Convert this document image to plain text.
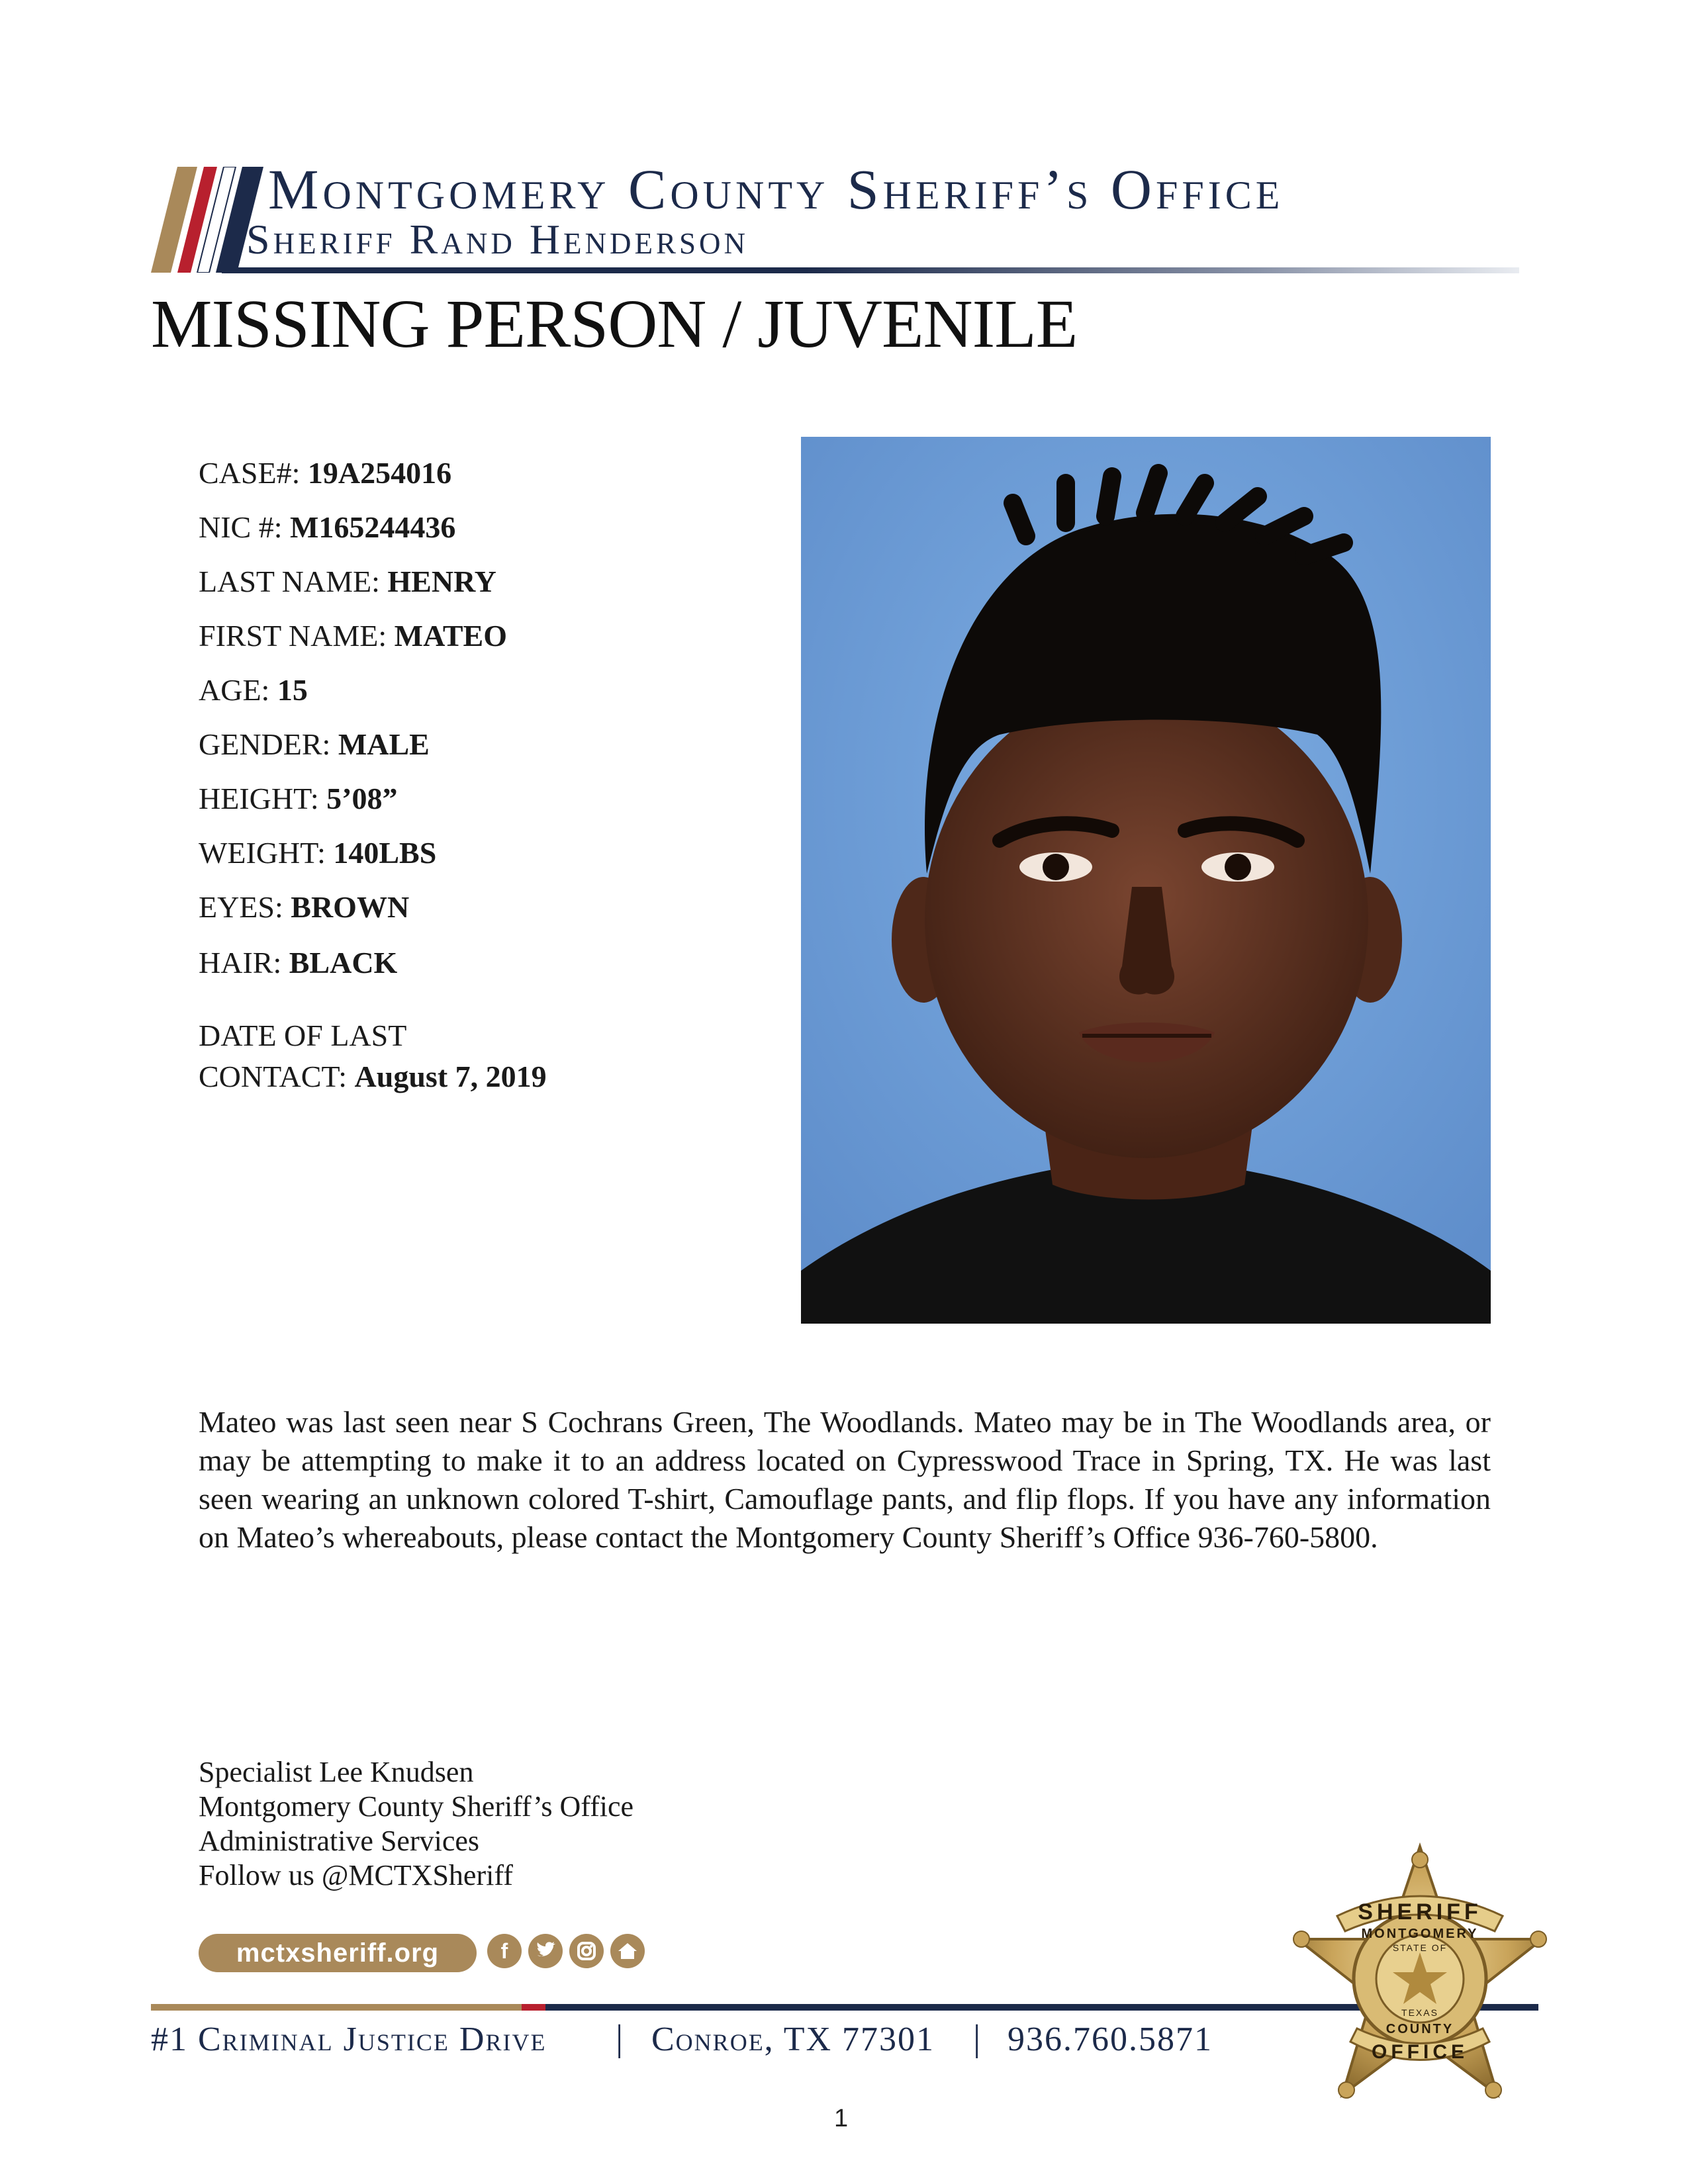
Montgomery County Sheriff’s Office
Sheriff Rand Henderson
MISSING PERSON / JUVENILE
CASE#: 19A254016
NIC #: M165244436
LAST NAME: HENRY
FIRST NAME: MATEO
AGE: 15
GENDER: MALE
HEIGHT: 5’08”
WEIGHT: 140LBS
EYES: BROWN
HAIR: BLACK
DATE OF LAST
CONTACT: August 7, 2019
Mateo was last seen near S Cochrans Green, The Woodlands. Mateo may be in The Woodlands area, or may be attempting to make it to an address located on Cypresswood Trace in Spring, TX. He was last seen wearing an unknown colored T-shirt, Camouflage pants, and flip flops. If you have any information on Mateo’s whereabouts, please contact the Montgomery County Sheriff’s Office 936-760-5800.
Specialist Lee Knudsen
Montgomery County Sheriff’s Office
Administrative Services
Follow us @MCTXSheriff
mctxsheriff.org	f
#1 Criminal Justice Drive | Conroe, TX 77301 | 936.760.5871
SHERIFF
OFFICE
MONTGOMERY
COUNTY
STATE OF
TEXAS
1
